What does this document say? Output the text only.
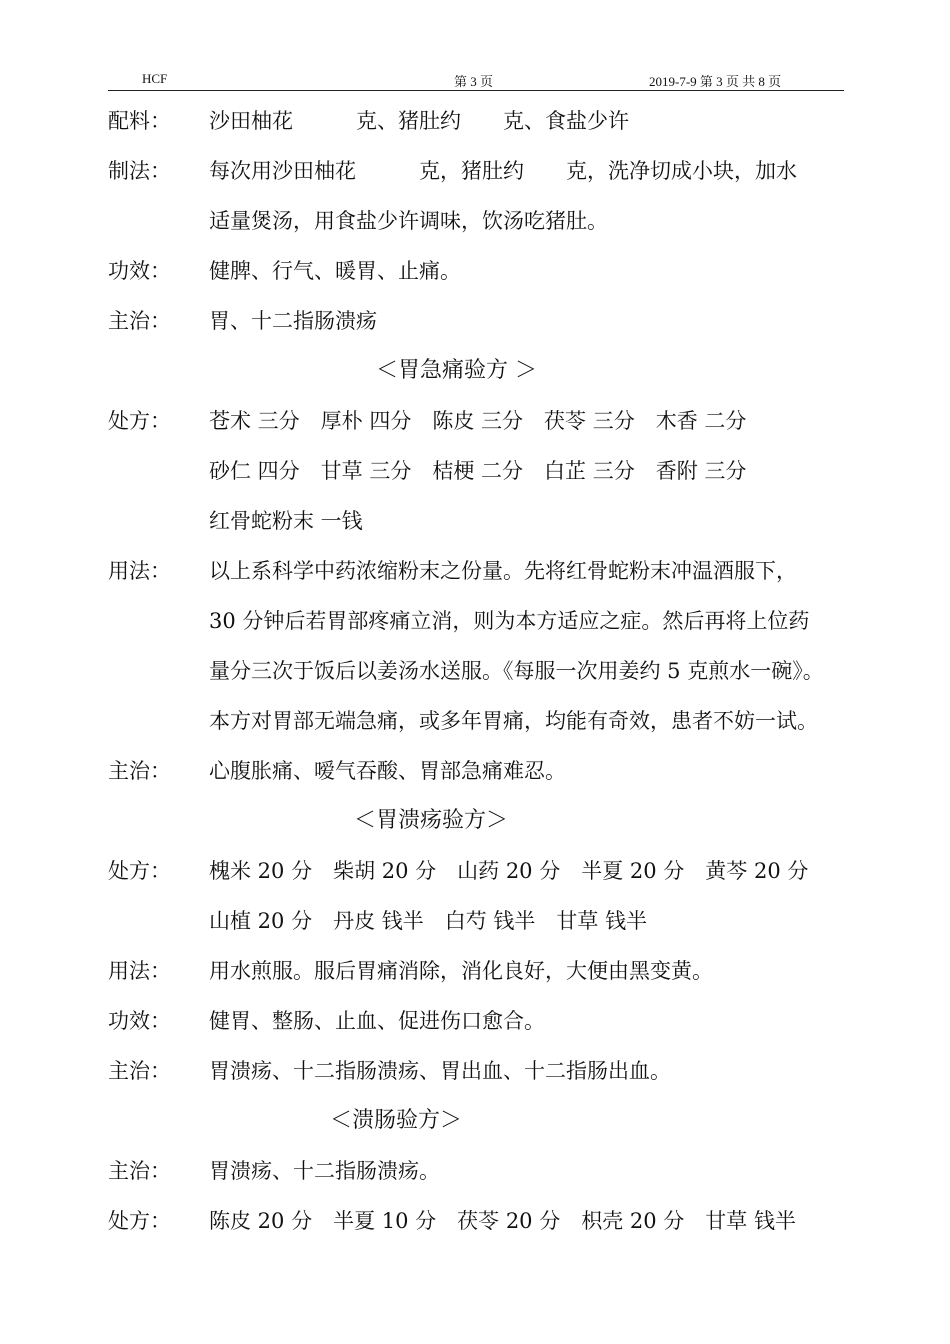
HCF	第 3 页	2019-7-9 第 3 页 共 8 页
配料：	沙田柚花　　　克、猪肚约　　克、食盐少许
制法：	每次用沙田柚花　　　克，猪肚约　　克，洗净切成小块，加水
适量煲汤，用食盐少许调味，饮汤吃猪肚。
功效：	健脾、行气、暖胃、止痛。
主治：	胃、十二指肠溃疡
＜胃急痛验方 ＞
处方：	苍术 三分　厚朴 四分　陈皮 三分　茯苓 三分　木香 二分
砂仁 四分　甘草 三分　桔梗 二分　白芷 三分　香附 三分
红骨蛇粉末 一钱
用法：	以上系科学中药浓缩粉末之份量。先将红骨蛇粉末冲温酒服下，
30 分钟后若胃部疼痛立消，则为本方适应之症。然后再将上位药
量分三次于饭后以姜汤水送服。《每服一次用姜约 5 克煎水一碗》。
本方对胃部无端急痛，或多年胃痛，均能有奇效，患者不妨一试。
主治：	心腹胀痛、嗳气吞酸、胃部急痛难忍。
＜胃溃疡验方＞
处方：	槐米 20 分　柴胡 20 分　山药 20 分　半夏 20 分　黄芩 20 分
山植 20 分　丹皮 钱半　白芍 钱半　甘草 钱半
用法：	用水煎服。服后胃痛消除，消化良好，大便由黑变黄。
功效：	健胃、整肠、止血、促进伤口愈合。
主治：	胃溃疡、十二指肠溃疡、胃出血、十二指肠出血。
＜溃肠验方＞
主治：	胃溃疡、十二指肠溃疡。
处方：	陈皮 20 分　半夏 10 分　茯苓 20 分　枳壳 20 分　甘草 钱半
